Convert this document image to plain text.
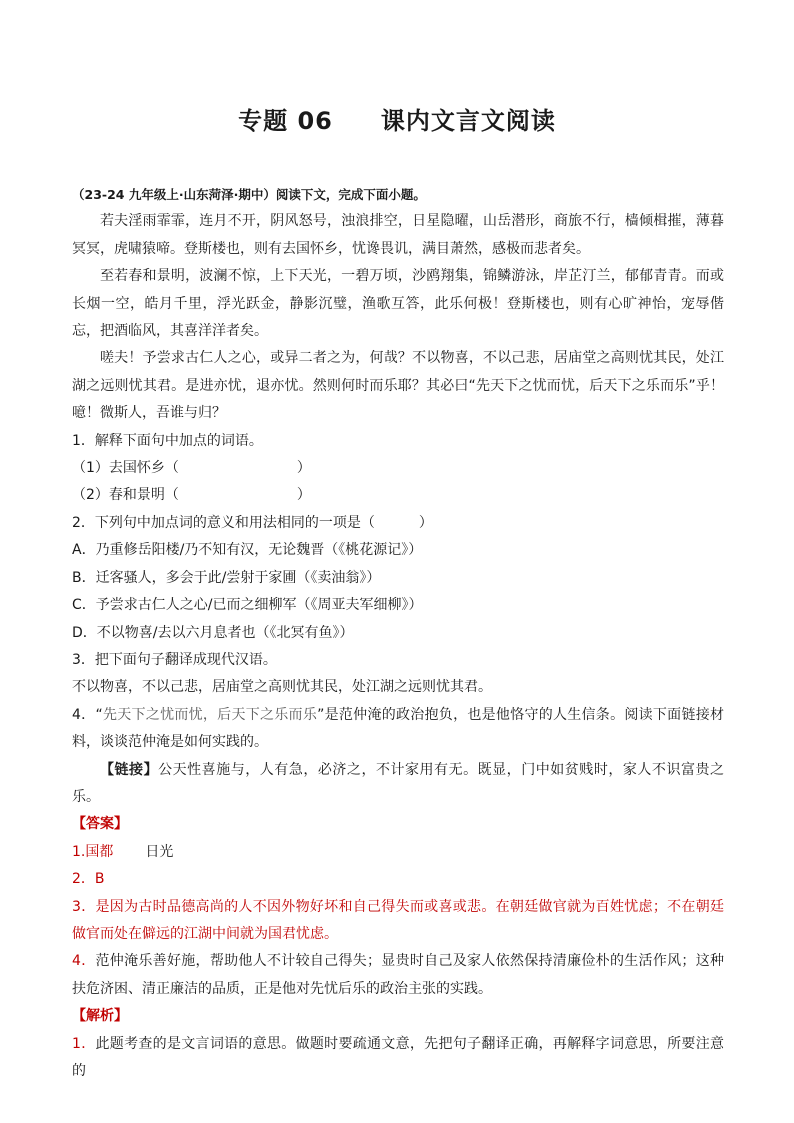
专题 06 课内文言文阅读

（23-24 九年级上·山东菏泽·期中）阅读下文，完成下面小题。

若夫淫雨霏霏，连月不开，阴风怒号，浊浪排空，日星隐曜，山岳潜形，商旅不行，樯倾楫摧，薄暮冥冥，虎啸猿啼。登斯楼也，则有去国怀乡，忧谗畏讥，满目萧然，感极而悲者矣。

至若春和景明，波澜不惊，上下天光，一碧万顷，沙鸥翔集，锦鳞游泳，岸芷汀兰，郁郁青青。而或长烟一空，皓月千里，浮光跃金，静影沉璧，渔歌互答，此乐何极！登斯楼也，则有心旷神怡，宠辱偕忘，把酒临风，其喜洋洋者矣。

嗟夫！予尝求古仁人之心，或异二者之为，何哉？不以物喜，不以己悲，居庙堂之高则忧其民，处江湖之远则忧其君。是进亦忧，退亦忧。然则何时而乐耶？其必曰“先天下之忧而忧，后天下之乐而乐”乎！噫！微斯人，吾谁与归？

1．解释下面句中加点的词语。

（1）去国怀乡（	）

（2）春和景明（	）

2．下列句中加点词的意义和用法相同的一项是（	）

A．乃重修岳阳楼/乃不知有汉，无论魏晋（《桃花源记》）

B．迁客骚人，多会于此/尝射于家圃（《卖油翁》）

C．予尝求古仁人之心/已而之细柳军（《周亚夫军细柳》）

D．不以物喜/去以六月息者也（《北冥有鱼》）

3．把下面句子翻译成现代汉语。

不以物喜，不以己悲，居庙堂之高则忧其民，处江湖之远则忧其君。

4．“先天下之忧而忧，后天下之乐而乐”是范仲淹的政治抱负，也是他恪守的人生信条。阅读下面链接材料，谈谈范仲淹是如何实践的。

【链接】公天性喜施与，人有急，必济之，不计家用有无。既显，门中如贫贱时，家人不识富贵之乐。

【答案】

1.国都 日光

2．B

3．是因为古时品德高尚的人不因外物好坏和自己得失而或喜或悲。在朝廷做官就为百姓忧虑；不在朝廷做官而处在僻远的江湖中间就为国君忧虑。

4．范仲淹乐善好施，帮助他人不计较自己得失；显贵时自己及家人依然保持清廉俭朴的生活作风；这种扶危济困、清正廉洁的品质，正是他对先忧后乐的政治主张的实践。

【解析】

1．此题考查的是文言词语的意思。做题时要疏通文意，先把句子翻译正确，再解释字词意思，所要注意的
